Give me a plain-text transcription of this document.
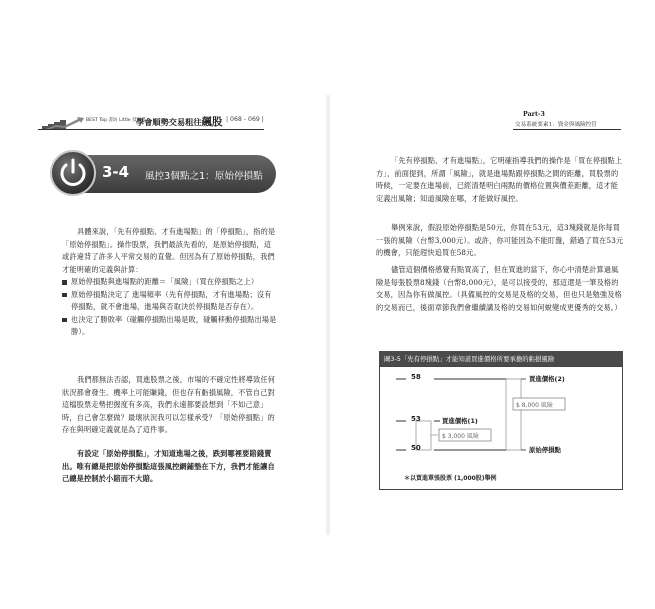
BEST Top 書坊 Little 技術書
學會順勢交易粗往飆股 | 068 - 069 |
Part-3
交易系統要素1：資金與風險控管
3-4 風控3個點之1：原始停損點
具體來說，「先有停損點、才有進場點」的「停損點」，指的是「原始停損點」。操作股票，我們最該先看的，是原始停損點，這或許違背了許多人平常交易的直覺。但因為有了原始停損點，我們才能明確的定義與計算：
原始停損點與進場點的距離＝「風險」（買在停損點之上）
原始停損點決定了 進場頻率（先有停損點，才有進場點；沒有停損點，就不會進場，進場與否取決於停損點是否存在）。
也決定了勝敗率（碰觸停損點出場是敗，碰觸移動停損點出場是勝）。
我們都無法否認，買進股票之後，市場的不確定性將導致任何狀況都會發生。機率上可能賺錢，但也存有虧損風險，不管自己對這檔股票走勢把握度有多高，我們永遠都要設想到「不如己意」時，自己會怎麼做？最壞狀況我可以怎樣承受？「原始停損點」的存在與明確定義就是為了這件事。
有設定「原始停損點」，才知道進場之後，跌到哪裡要賠錢賣出。唯有總是把原始停損點這張風控網鋪墊在下方，我們才能讓自己總是控制於小賠而不大賠。
「先有停損點、才有進場點」，它明確指導我們的操作是「買在停損點上方」，前面提到，所謂「風險」，就是進場點跟停損點之間的距離，買股票的時候，一定要在進場前，已經清楚明白兩點的價格位置與價差距離，這才能定義出風險；知道風險在哪，才能做好風控。
舉例來說，假設原始停損點是50元，你買在53元，這3塊錢就是你每買一張的風險（台幣3,000元）。或許，你可能因為不能盯盤，錯過了買在53元的機會，只能趕快追買在58元。
儘管這個價格感覺有點買高了，但在買進的當下，你心中清楚計算過風險是每張股票8塊錢（台幣8,000元），是可以接受的，那這還是一筆及格的交易，因為你有做風控。（具備風控的交易是及格的交易，但也只是勉強及格的交易而已，後面章節我們會繼續講及格的交易如何蛻變成更優秀的交易。）
圖3-5「先有停損點」才能知道買進價格所要承擔的虧損風險
58
53
50
買進價格(2)
買進價格(1)
原始停損點
$ 3,000 風險
$ 8,000 風險
＊以買進單張股票 (1,000股)舉例
